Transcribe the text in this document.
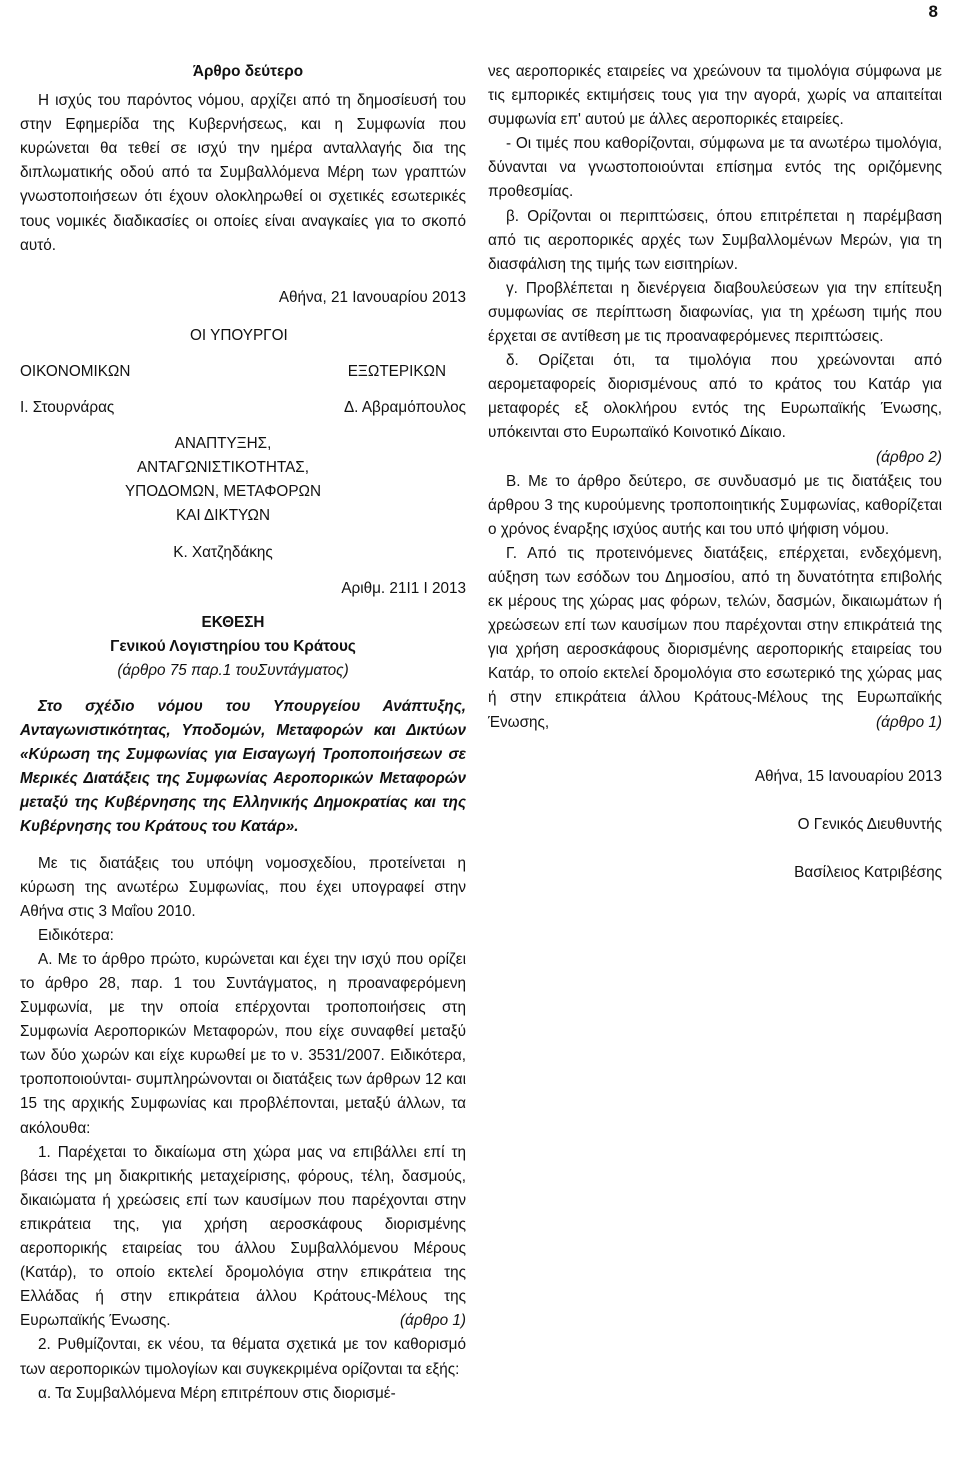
8

Άρθρο δεύτερο

Η ισχύς του παρόντος νόμου, αρχίζει από τη δημοσίευσή του στην Εφημερίδα της Κυβερνήσεως, και η Συμφωνία που κυρώνεται θα τεθεί σε ισχύ την ημέρα ανταλλαγής δια της διπλωματικής οδού από τα Συμβαλλόμενα Μέρη των γραπτών γνωστοποιήσεων ότι έχουν ολοκληρωθεί οι σχετικές εσωτερικές τους νομικές διαδικασίες οι οποίες είναι αναγκαίες για το σκοπό αυτό.

Αθήνα, 21 Ιανουαρίου 2013

ΟΙ ΥΠΟΥΡΓΟΙ

ΟΙΚΟΝΟΜΙΚΩΝ	ΕΞΩΤΕΡΙΚΩΝ
Ι. Στουρνάρας	Δ. Αβραμόπουλος

ΑΝΑΠΤΥΞΗΣ,

ΑΝΤΑΓΩΝΙΣΤΙΚΟΤΗΤΑΣ,

ΥΠΟΔΟΜΩΝ, ΜΕΤΑΦΟΡΩΝ

ΚΑΙ ΔΙΚΤΥΩΝ

Κ. Χατζηδάκης

Αριθμ. 21Ι1 Ι 2013

ΕΚΘΕΣΗ

Γενικού Λογιστηρίου του Κράτους

(άρθρο 75 παρ.1 τουΣυντάγματος)

Στο σχέδιο νόμου του Υπουργείου Ανάπτυξης, Ανταγωνιστικότητας, Υποδομών, Μεταφορών και Δικτύων «Κύρωση της Συμφωνίας για Εισαγωγή Τροποποιήσεων σε Μερικές Διατάξεις της Συμφωνίας Αεροπορικών Μεταφορών μεταξύ της Κυβέρνησης της Ελληνικής Δημοκρατίας και της Κυβέρνησης του Κράτους του Κατάρ».

Με τις διατάξεις του υπόψη νομοσχεδίου, προτείνεται η κύρωση της ανωτέρω Συμφωνίας, που έχει υπογραφεί στην Αθήνα στις 3 Μαΐου 2010.

Ειδικότερα:

Α. Με το άρθρο πρώτο, κυρώνεται και έχει την ισχύ που ορίζει το άρθρο 28, παρ. 1 του Συντάγματος, η προαναφερόμενη Συμφωνία, με την οποία επέρχονται τροποποιήσεις στη Συμφωνία Αεροπορικών Μεταφορών, που είχε συναφθεί μεταξύ των δύο χωρών και είχε κυρωθεί με το ν. 3531/2007. Ειδικότερα, τροποποιούνται- συμπληρώνονται οι διατάξεις των άρθρων 12 και 15 της αρχικής Συμφωνίας και προβλέπονται, μεταξύ άλλων, τα ακόλουθα:

1. Παρέχεται το δικαίωμα στη χώρα μας να επιβάλλει επί τη βάσει της μη διακριτικής μεταχείρισης, φόρους, τέλη, δασμούς, δικαιώματα ή χρεώσεις επί των καυσίμων που παρέχονται στην επικράτεια της, για χρήση αεροσκάφους διορισμένης αεροπορικής εταιρείας του άλλου Συμβαλλόμενου Μέρους (Κατάρ), το οποίο εκτελεί δρομολόγια στην επικράτεια της Ελλάδας ή στην επικράτεια άλλου Κράτους-Μέλους της Ευρωπαϊκής Ένωσης.	(άρθρο 1)

2. Ρυθμίζονται, εκ νέου, τα θέματα σχετικά με τον καθορισμό των αεροπορικών τιμολογίων και συγκεκριμένα ορίζονται τα εξής:

α. Τα Συμβαλλόμενα Μέρη επιτρέπουν στις διορισμέ-

νες αεροπορικές εταιρείες να χρεώνουν τα τιμολόγια σύμφωνα με τις εμπορικές εκτιμήσεις τους για την αγορά, χωρίς να απαιτείται συμφωνία επ' αυτού με άλλες αεροπορικές εταιρείες.

- Οι τιμές που καθορίζονται, σύμφωνα με τα ανωτέρω τιμολόγια, δύνανται να γνωστοποιούνται επίσημα εντός της οριζόμενης προθεσμίας.

β. Ορίζονται οι περιπτώσεις, όπου επιτρέπεται η παρέμβαση από τις αεροπορικές αρχές των Συμβαλλομένων Μερών, για τη διασφάλιση της τιμής των εισιτηρίων.

γ. Προβλέπεται η διενέργεια διαβουλεύσεων για την επίτευξη συμφωνίας σε περίπτωση διαφωνίας, για τη χρέωση τιμής που έρχεται σε αντίθεση με τις προαναφερόμενες περιπτώσεις.

δ. Ορίζεται ότι, τα τιμολόγια που χρεώνονται από αερομεταφορείς διορισμένους από το κράτος του Κατάρ για μεταφορές εξ ολοκλήρου εντός της Ευρωπαϊκής Ένωσης, υπόκεινται στο Ευρωπαϊκό Κοινοτικό Δίκαιο.

(άρθρο 2)

Β. Με το άρθρο δεύτερο, σε συνδυασμό με τις διατάξεις του άρθρου 3 της κυρούμενης τροποποιητικής Συμφωνίας, καθορίζεται ο χρόνος έναρξης ισχύος αυτής και του υπό ψήφιση νόμου.

Γ. Από τις προτεινόμενες διατάξεις, επέρχεται, ενδεχόμενη, αύξηση των εσόδων του Δημοσίου, από τη δυνατότητα επιβολής εκ μέρους της χώρας μας φόρων, τελών, δασμών, δικαιωμάτων ή χρεώσεων επί των καυσίμων που παρέχονται στην επικράτειά της για χρήση αεροσκάφους διορισμένης αεροπορικής εταιρείας του Κατάρ, το οποίο εκτελεί δρομολόγια στο εσωτερικό της χώρας μας ή στην επικράτεια άλλου Κράτους-Μέλους της Ευρωπαϊκής Ένωσης,	(άρθρο 1)

Αθήνα, 15 Ιανουαρίου 2013

Ο Γενικός Διευθυντής

Βασίλειος Κατριβέσης
